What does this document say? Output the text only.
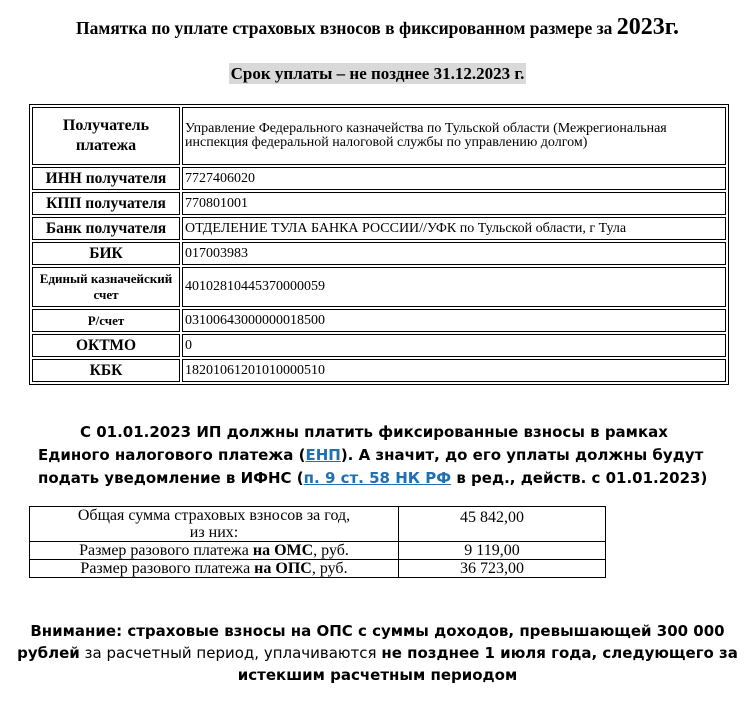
Памятка по уплате страховых взносов в фиксированном размере за 2023г.
Срок уплаты – не позднее 31.12.2023 г.
Получатель платежа	Управление Федерального казначейства по Тульской области (Межрегиональная инспекция федеральной налоговой службы по управлению долгом)
ИНН получателя	7727406020
КПП получателя	770801001
Банк получателя	ОТДЕЛЕНИЕ ТУЛА БАНКА РОССИИ//УФК по Тульской области, г Тула
БИК	017003983
Единый казначейский счет	40102810445370000059
Р/счет	03100643000000018500
ОКТМО	0
КБК	18201061201010000510
С 01.01.2023 ИП должны платить фиксированные взносы в рамках Единого налогового платежа (ЕНП). А значит, до его уплаты должны будут подать уведомление в ИФНС (п. 9 ст. 58 НК РФ в ред., действ. с 01.01.2023)
Общая сумма страховых взносов за год,
из них:	45 842,00
Размер разового платежа на ОМС, руб.	9 119,00
Размер разового платежа на ОПС, руб.	36 723,00
Внимание: страховые взносы на ОПС с суммы доходов, превышающей 300 000 рублей за расчетный период, уплачиваются не позднее 1 июля года, следующего за истекшим расчетным периодом
